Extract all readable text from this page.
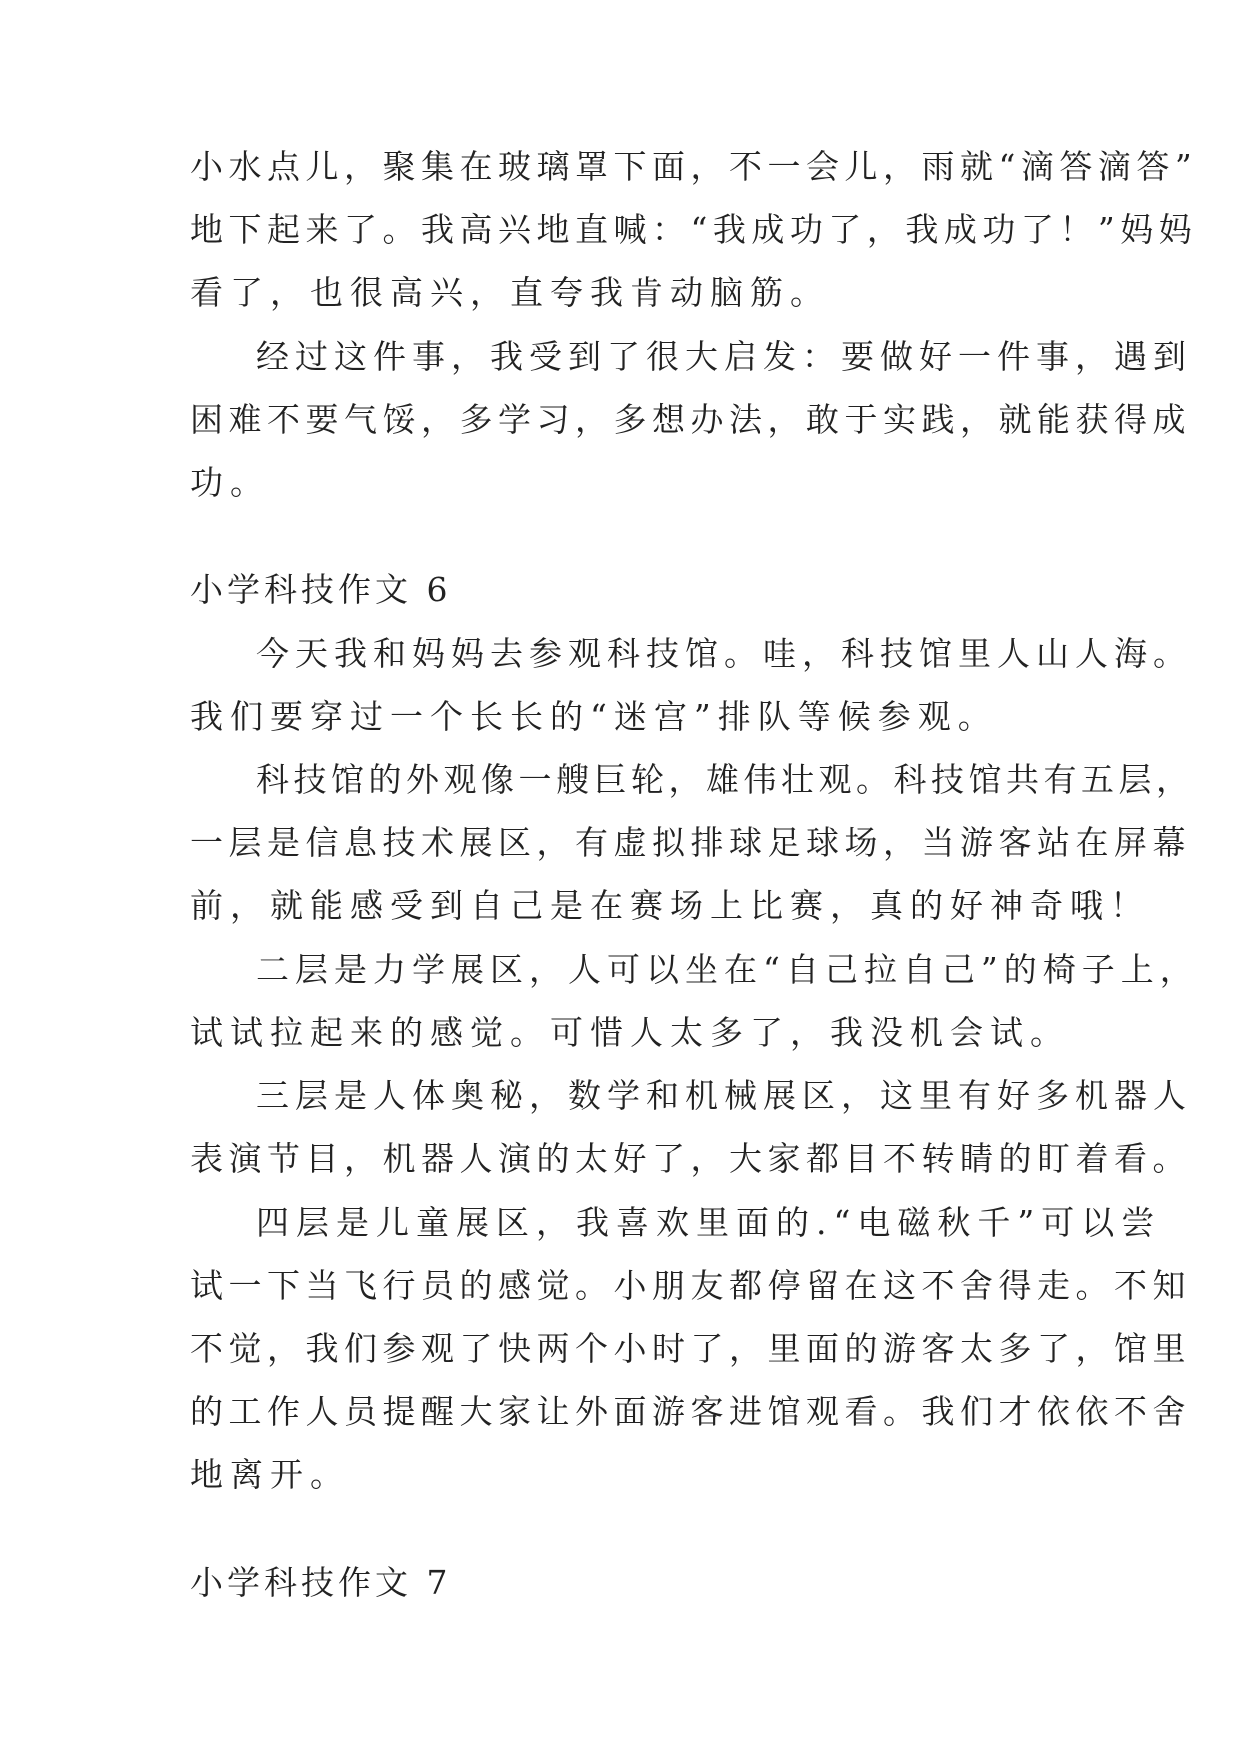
小水点儿，聚集在玻璃罩下面，不一会儿，雨就“滴答滴答”
地下起来了。我高兴地直喊：“我成功了，我成功了！”妈妈
看了，也很高兴，直夸我肯动脑筋。
经过这件事，我受到了很大启发：要做好一件事，遇到
困难不要气馁，多学习，多想办法，敢于实践，就能获得成
功。
小学科技作文 6
今天我和妈妈去参观科技馆。哇，科技馆里人山人海。
我们要穿过一个长长的“迷宫”排队等候参观。
科技馆的外观像一艘巨轮，雄伟壮观。科技馆共有五层，
一层是信息技术展区，有虚拟排球足球场，当游客站在屏幕
前，就能感受到自己是在赛场上比赛，真的好神奇哦！
二层是力学展区，人可以坐在“自己拉自己”的椅子上，
试试拉起来的感觉。可惜人太多了，我没机会试。
三层是人体奥秘，数学和机械展区，这里有好多机器人
表演节目，机器人演的太好了，大家都目不转睛的盯着看。
四层是儿童展区，我喜欢里面的.“电磁秋千”可以尝
试一下当飞行员的感觉。小朋友都停留在这不舍得走。不知
不觉，我们参观了快两个小时了，里面的游客太多了，馆里
的工作人员提醒大家让外面游客进馆观看。我们才依依不舍
地离开。
小学科技作文 7
